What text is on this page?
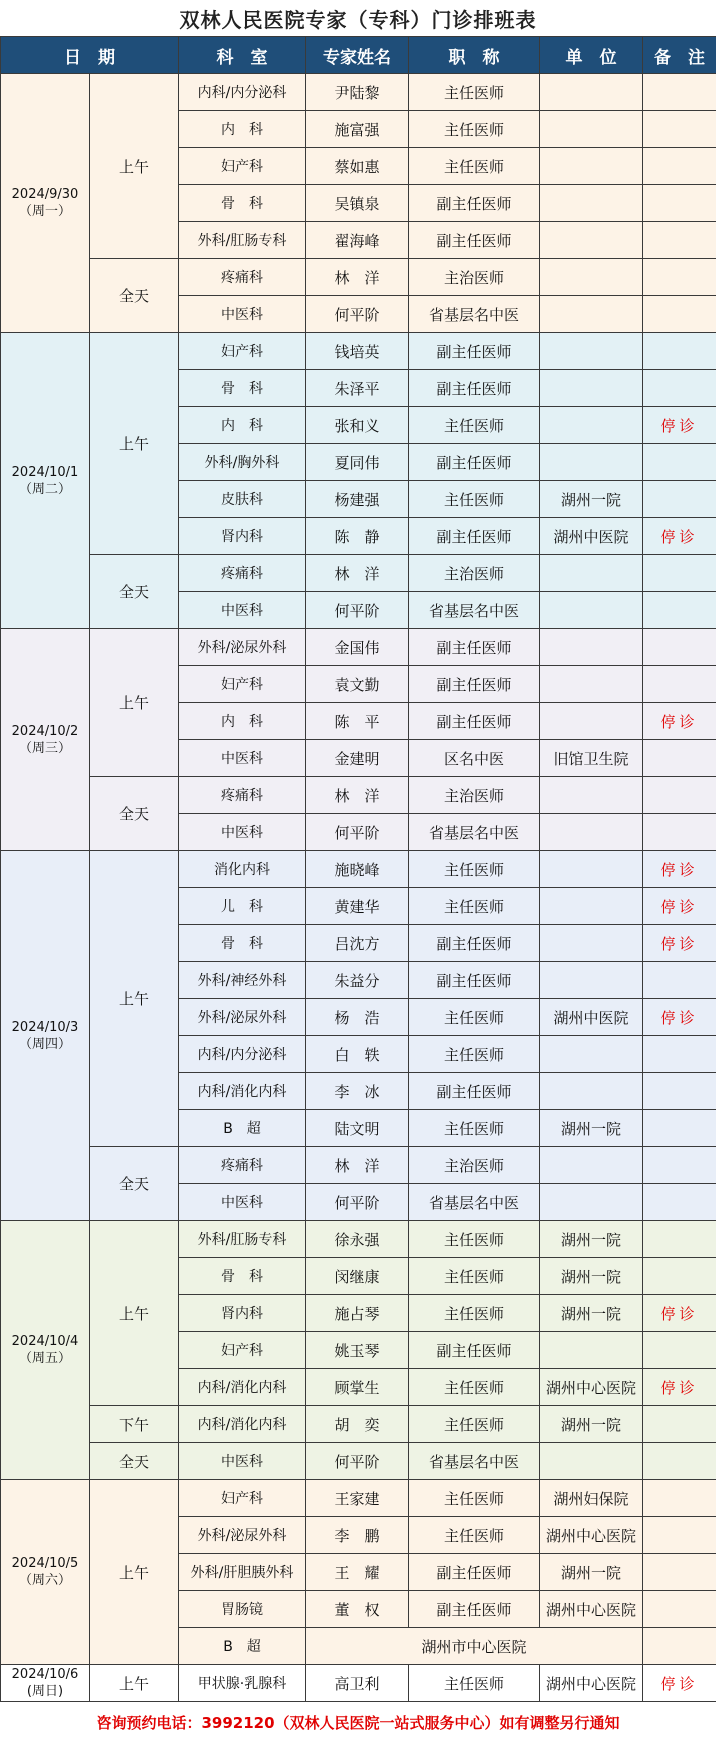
双林人民医院专家（专科）门诊排班表
日　期		科　室	专家姓名	职　称	单　位	备　注

2024/9/30
（周一）	上午	内科/内分泌科	尹陆黎	主任医师		
		内　科	施富强	主任医师		
		妇产科	蔡如惠	主任医师		
		骨　科	吴镇泉	副主任医师		
		外科/肛肠专科	翟海峰	副主任医师		
	全天	疼痛科	林　洋	主治医师		
		中医科	何平阶	省基层名中医		

2024/10/1
（周二）	上午	妇产科	钱培英	副主任医师		
		骨　科	朱泽平	副主任医师		
		内　科	张和义	主任医师		停诊
		外科/胸外科	夏同伟	副主任医师		
		皮肤科	杨建强	主任医师	湖州一院	
		肾内科	陈　静	副主任医师	湖州中医院	停诊
	全天	疼痛科	林　洋	主治医师		
		中医科	何平阶	省基层名中医		

2024/10/2
（周三）	上午	外科/泌尿外科	金国伟	副主任医师		
		妇产科	袁文勤	副主任医师		
		内　科	陈　平	副主任医师		停诊
		中医科	金建明	区名中医	旧馆卫生院	
	全天	疼痛科	林　洋	主治医师		
		中医科	何平阶	省基层名中医		

2024/10/3
（周四）	上午	消化内科	施晓峰	主任医师		停诊
		儿　科	黄建华	主任医师		停诊
		骨　科	吕沈方	副主任医师		停诊
		外科/神经外科	朱益分	副主任医师		
		外科/泌尿外科	杨　浩	主任医师	湖州中医院	停诊
		内科/内分泌科	白　轶	主任医师		
		内科/消化内科	李　冰	副主任医师		
		B　超	陆文明	主任医师	湖州一院	
	全天	疼痛科	林　洋	主治医师		
		中医科	何平阶	省基层名中医		

2024/10/4
（周五）	上午	外科/肛肠专科	徐永强	主任医师	湖州一院	
		骨　科	闵继康	主任医师	湖州一院	
		肾内科	施占琴	主任医师	湖州一院	停诊
		妇产科	姚玉琴	副主任医师		
		内科/消化内科	顾掌生	主任医师	湖州中心医院	停诊
	下午	内科/消化内科	胡　奕	主任医师	湖州一院	
	全天	中医科	何平阶	省基层名中医		

2024/10/5
（周六）	上午	妇产科	王家建	主任医师	湖州妇保院	
		外科/泌尿外科	李　鹏	主任医师	湖州中心医院	
		外科/肝胆胰外科	王　耀	副主任医师	湖州一院	
		胃肠镜	董　权	副主任医师	湖州中心医院	
		B　超	湖州市中心医院			

2024/10/6
(周日)	上午	甲状腺·乳腺科	高卫利	主任医师	湖州中心医院	停诊
咨询预约电话：3992120（双林人民医院一站式服务中心）如有调整另行通知
